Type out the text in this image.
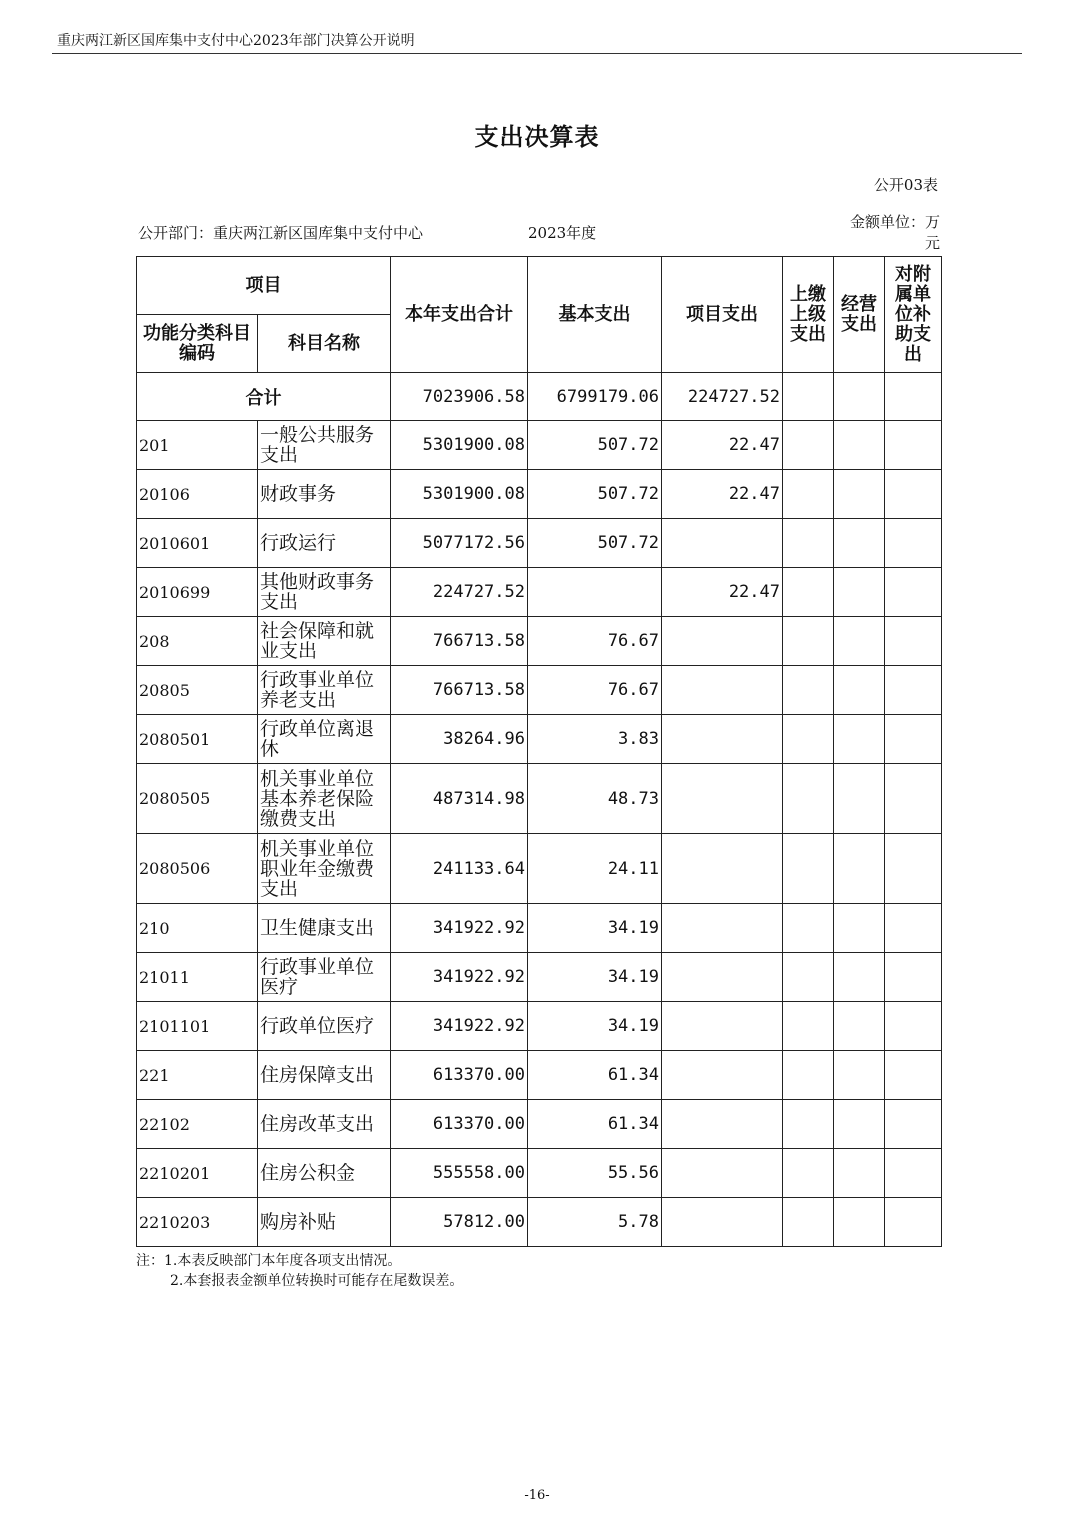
重庆两江新区国库集中支付中心2023年部门决算公开说明
支出决算表
公开03表
公开部门：重庆两江新区国库集中支付中心	2023年度
金额单位：万
元
项目		本年支出合计	基本支出	项目支出	上缴上级支出	经营支出	对附属单位补助支出
功能分类科目编码	科目名称						
合计		7023906.58	6799179.06	224727.52			
201	一般公共服务支出	5301900.08	507.72	22.47			
20106	财政事务	5301900.08	507.72	22.47			
2010601	行政运行	5077172.56	507.72				
2010699	其他财政事务支出	224727.52		22.47			
208	社会保障和就业支出	766713.58	76.67				
20805	行政事业单位养老支出	766713.58	76.67				
2080501	行政单位离退休	38264.96	3.83				
2080505	机关事业单位基本养老保险缴费支出	487314.98	48.73				
2080506	机关事业单位职业年金缴费支出	241133.64	24.11				
210	卫生健康支出	341922.92	34.19				
21011	行政事业单位医疗	341922.92	34.19				
2101101	行政单位医疗	341922.92	34.19				
221	住房保障支出	613370.00	61.34				
22102	住房改革支出	613370.00	61.34				
2210201	住房公积金	555558.00	55.56				
2210203	购房补贴	57812.00	5.78				
注：1.本表反映部门本年度各项支出情况。
2.本套报表金额单位转换时可能存在尾数误差。
-16-
